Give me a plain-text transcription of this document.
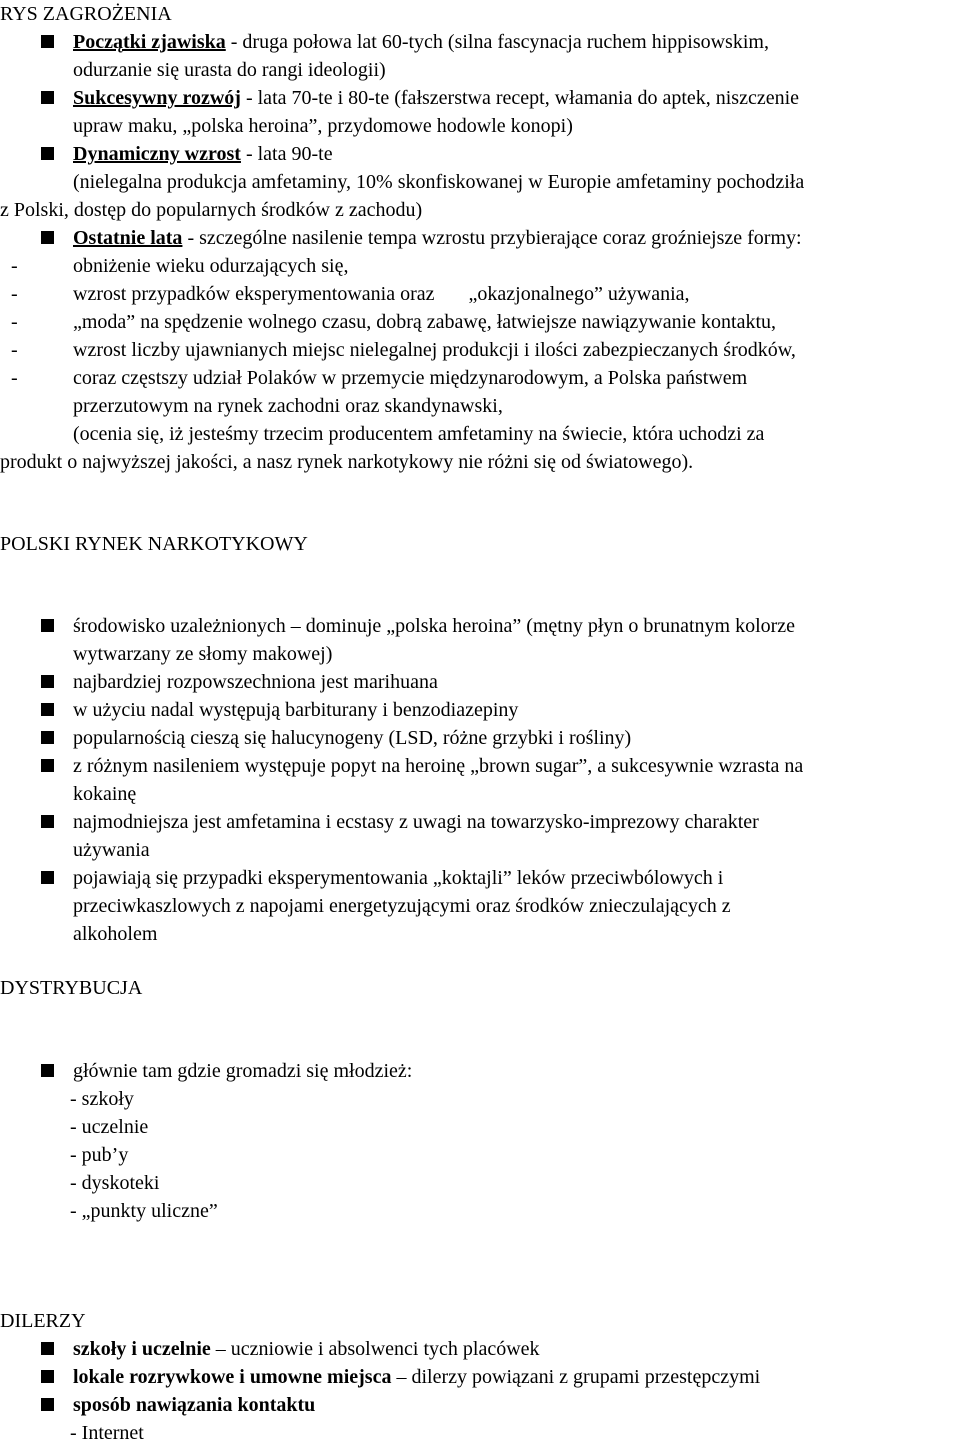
RYS ZAGROŻENIA
Początki zjawiska - druga połowa lat 60-tych (silna fascynacja ruchem hippisowskim,
odurzanie się urasta do rangi ideologii)
Sukcesywny rozwój - lata 70-te i 80-te (fałszerstwa recept, włamania do aptek, niszczenie
upraw maku, „polska heroina”, przydomowe hodowle konopi)
Dynamiczny wzrost - lata 90-te
(nielegalna produkcja amfetaminy, 10% skonfiskowanej w Europie amfetaminy pochodziła
z Polski, dostęp do popularnych środków z zachodu)
Ostatnie lata - szczególne nasilenie tempa wzrostu przybierające coraz groźniejsze formy:
-	obniżenie wieku odurzających się,
-	wzrost przypadków eksperymentowania oraz „okazjonalnego” używania,
-	„moda” na spędzenie wolnego czasu, dobrą zabawę, łatwiejsze nawiązywanie kontaktu,
-	wzrost liczby ujawnianych miejsc nielegalnej produkcji i ilości zabezpieczanych środków,
-	coraz częstszy udział Polaków w przemycie międzynarodowym, a Polska państwem
przerzutowym na rynek zachodni oraz skandynawski,
(ocenia się, iż jesteśmy trzecim producentem amfetaminy na świecie, która uchodzi za
produkt o najwyższej jakości, a nasz rynek narkotykowy nie różni się od światowego).
POLSKI RYNEK NARKOTYKOWY
środowisko uzależnionych – dominuje „polska heroina” (mętny płyn o brunatnym kolorze
wytwarzany ze słomy makowej)
najbardziej rozpowszechniona jest marihuana
w użyciu nadal występują barbiturany i benzodiazepiny
popularnością cieszą się halucynogeny (LSD, różne grzybki i rośliny)
z różnym nasileniem występuje popyt na heroinę „brown sugar”, a sukcesywnie wzrasta na
kokainę
najmodniejsza jest amfetamina i ecstasy z uwagi na towarzysko-imprezowy charakter
używania
pojawiają się przypadki eksperymentowania „koktajli” leków przeciwbólowych i
przeciwkaszlowych z napojami energetyzującymi oraz środków znieczulających z
alkoholem
DYSTRYBUCJA
głównie tam gdzie gromadzi się młodzież:
- szkoły
- uczelnie
- pub’y
- dyskoteki
- „punkty uliczne”
DILERZY
szkoły i uczelnie – uczniowie i absolwenci tych placówek
lokale rozrywkowe i umowne miejsca – dilerzy powiązani z grupami przestępczymi
sposób nawiązania kontaktu
- Internet
